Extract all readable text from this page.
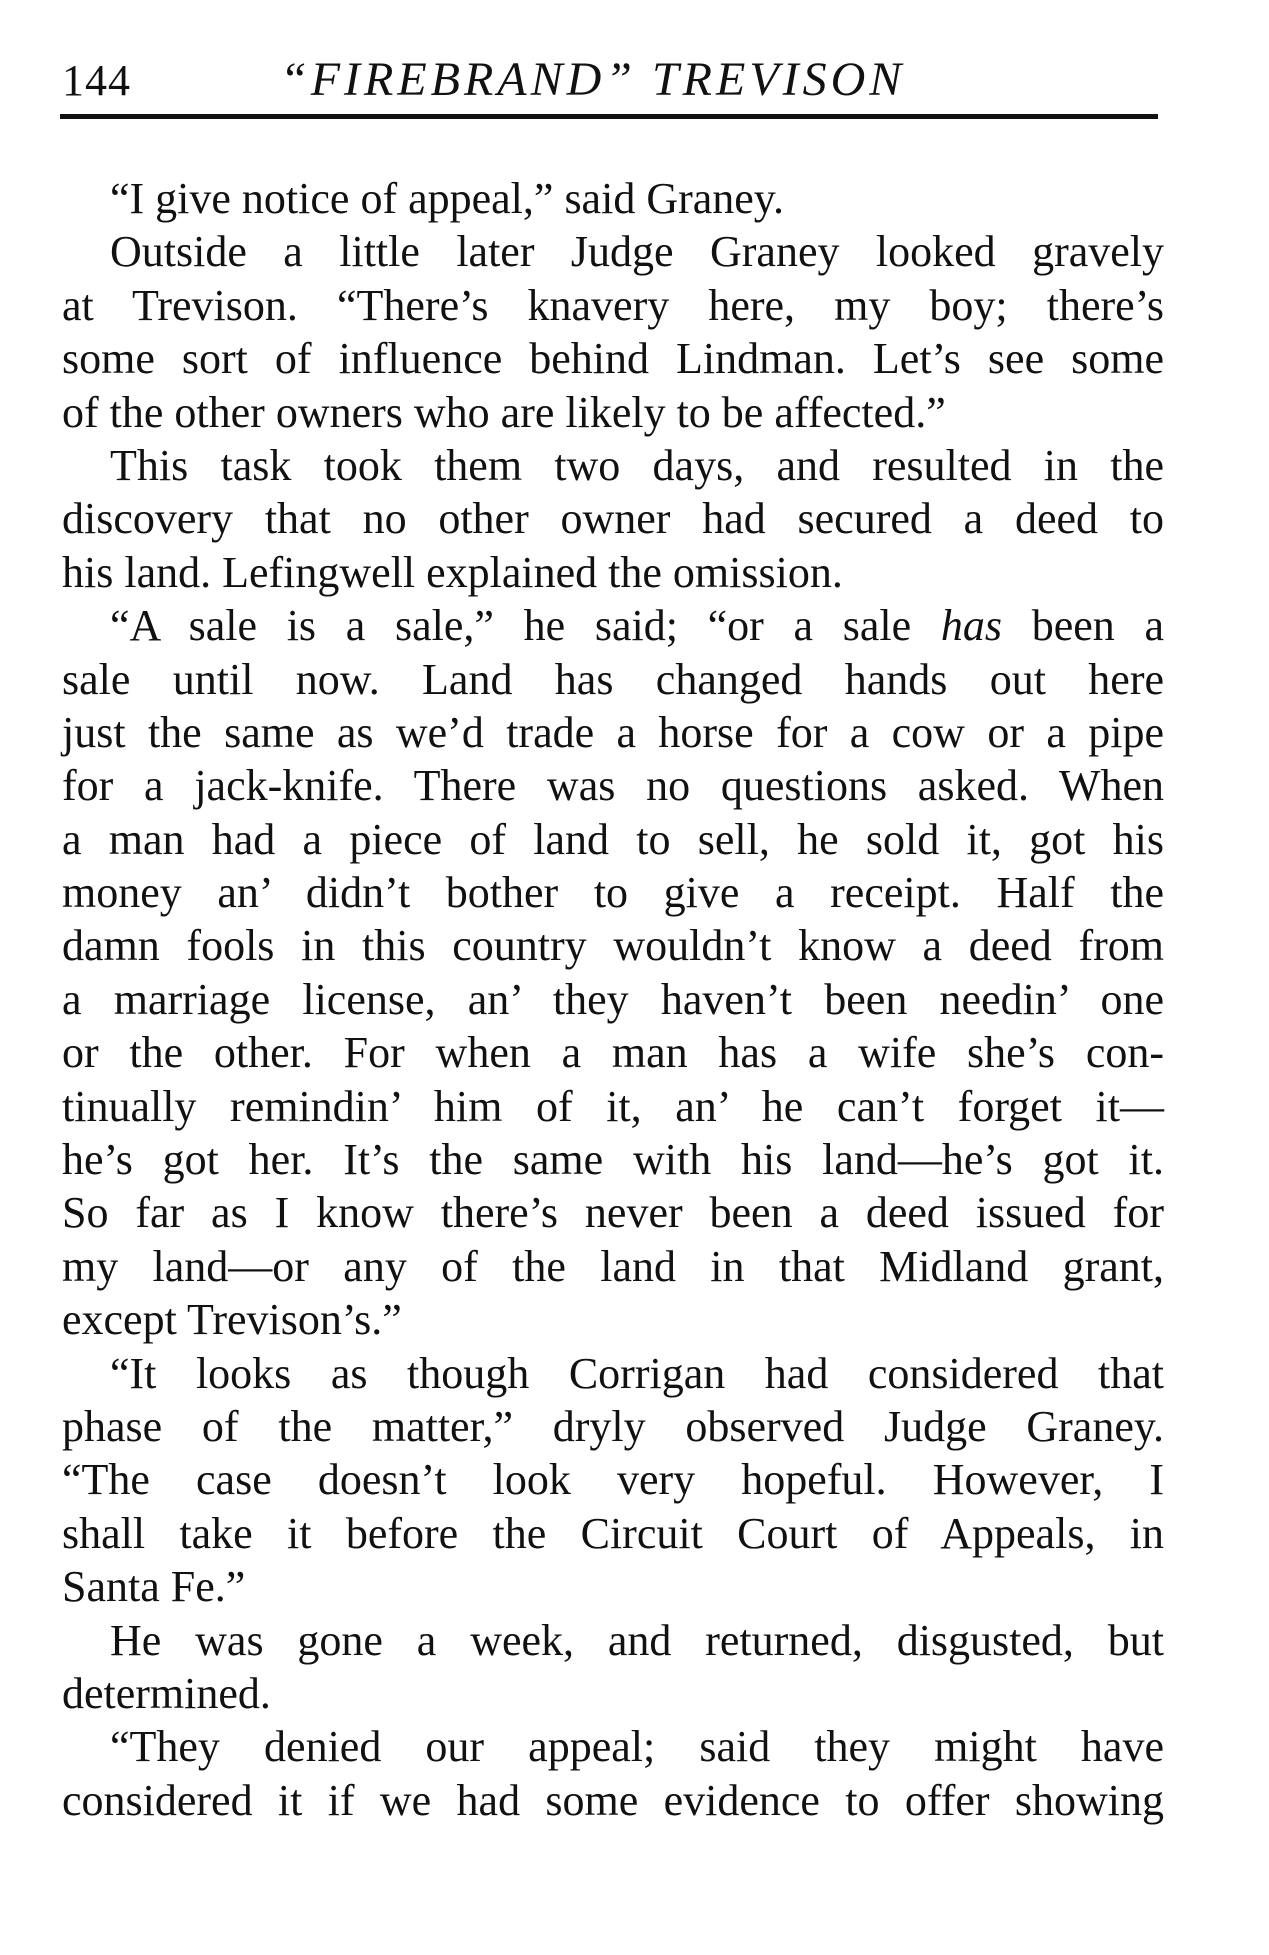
144	“FIREBRAND” TREVISON
“I give notice of appeal,” said Graney.
Outside a little later Judge Graney looked gravely
at Trevison. “There’s knavery here, my boy; there’s
some sort of influence behind Lindman. Let’s see some
of the other owners who are likely to be affected.”
This task took them two days, and resulted in the
discovery that no other owner had secured a deed to
his land. Lefingwell explained the omission.
“A sale is a sale,” he said; “or a sale has been a
sale until now. Land has changed hands out here
just the same as we’d trade a horse for a cow or a pipe
for a jack-knife. There was no questions asked. When
a man had a piece of land to sell, he sold it, got his
money an’ didn’t bother to give a receipt. Half the
damn fools in this country wouldn’t know a deed from
a marriage license, an’ they haven’t been needin’ one
or the other. For when a man has a wife she’s con-
tinually remindin’ him of it, an’ he can’t forget it—
he’s got her. It’s the same with his land—he’s got it.
So far as I know there’s never been a deed issued for
my land—or any of the land in that Midland grant,
except Trevison’s.”
“It looks as though Corrigan had considered that
phase of the matter,” dryly observed Judge Graney.
“The case doesn’t look very hopeful. However, I
shall take it before the Circuit Court of Appeals, in
Santa Fe.”
He was gone a week, and returned, disgusted, but
determined.
“They denied our appeal; said they might have
considered it if we had some evidence to offer showing
